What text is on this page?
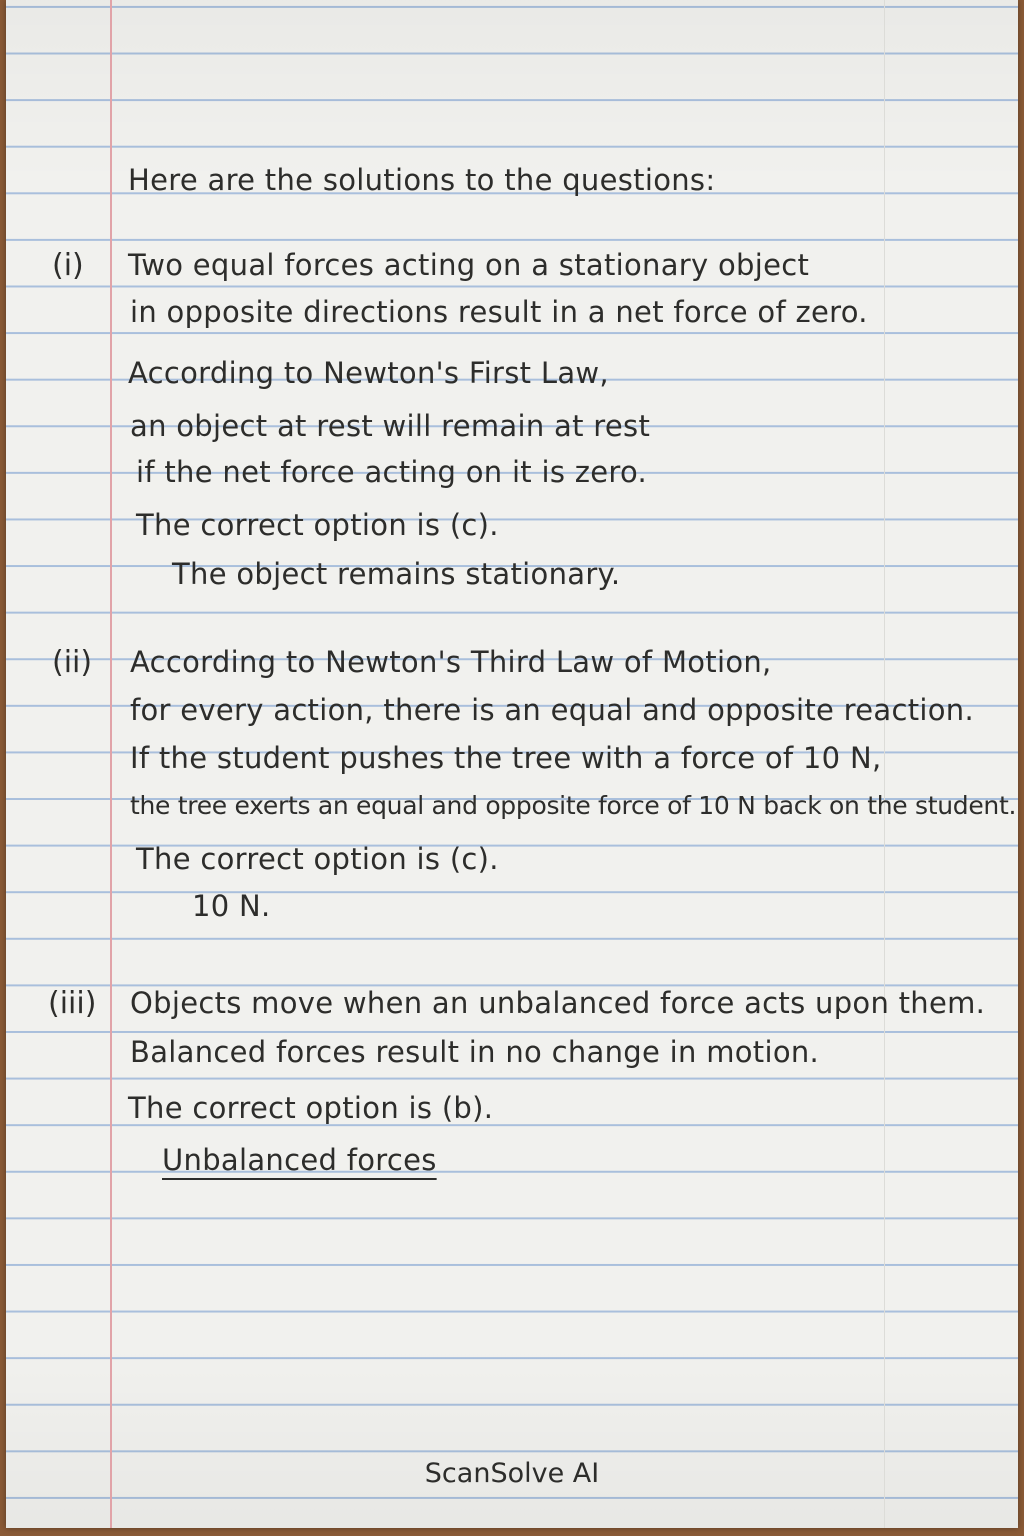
Here are the solutions to the questions:
(i) Two equal forces acting on a stationary object
in opposite directions result in a net force of zero.
According to Newton's First Law,
an object at rest will remain at rest
if the net force acting on it is zero.
The correct option is (c).
The object remains stationary.
(ii) According to Newton's Third Law of Motion,
for every action, there is an equal and opposite reaction.
If the student pushes the tree with a force of 10 N,
the tree exerts an equal and opposite force of 10 N back on the student.
The correct option is (c).
10 N.
(iii) Objects move when an unbalanced force acts upon them.
Balanced forces result in no change in motion.
The correct option is (b).
Unbalanced forces
ScanSolve AI
